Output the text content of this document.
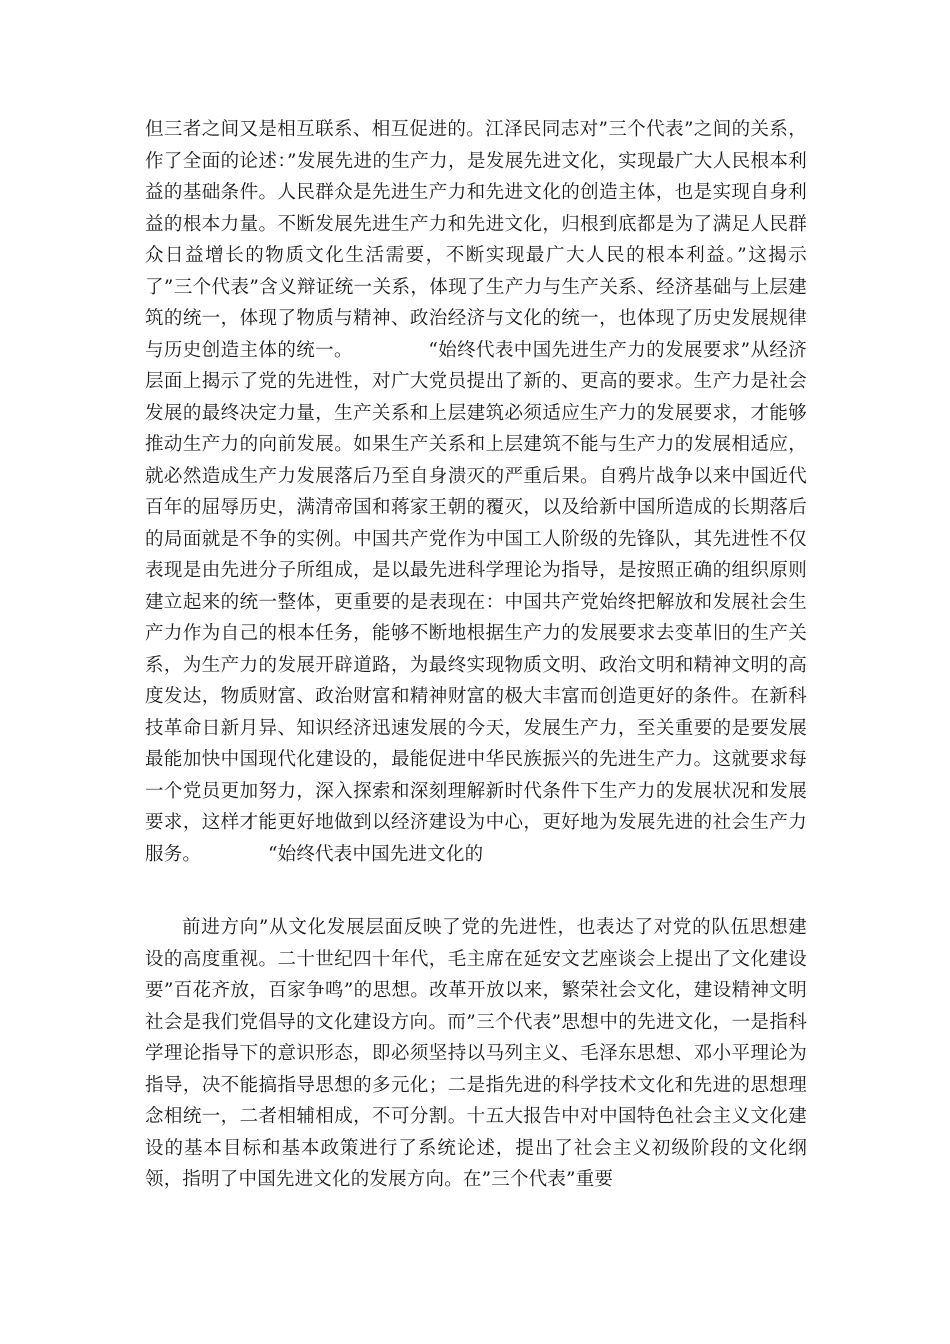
但三者之间又是相互联系、相互促进的。江泽民同志对”三个代表”之间的关系，作了全面的论述：”发展先进的生产力，是发展先进文化，实现最广大人民根本利益的基础条件。人民群众是先进生产力和先进文化的创造主体，也是实现自身利益的根本力量。不断发展先进生产力和先进文化，归根到底都是为了满足人民群众日益增长的物质文化生活需要，不断实现最广大人民的根本利益。”这揭示了”三个代表”含义辩证统一关系，体现了生产力与生产关系、经济基础与上层建筑的统一，体现了物质与精神、政治经济与文化的统一，也体现了历史发展规律与历史创造主体的统一。            “始终代表中国先进生产力的发展要求”从经济层面上揭示了党的先进性，对广大党员提出了新的、更高的要求。生产力是社会发展的最终决定力量，生产关系和上层建筑必须适应生产力的发展要求，才能够推动生产力的向前发展。如果生产关系和上层建筑不能与生产力的发展相适应，就必然造成生产力发展落后乃至自身溃灭的严重后果。自鸦片战争以来中国近代百年的屈辱历史，满清帝国和蒋家王朝的覆灭，以及给新中国所造成的长期落后的局面就是不争的实例。中国共产党作为中国工人阶级的先锋队，其先进性不仅表现是由先进分子所组成，是以最先进科学理论为指导，是按照正确的组织原则建立起来的统一整体，更重要的是表现在：中国共产党始终把解放和发展社会生产力作为自己的根本任务，能够不断地根据生产力的发展要求去变革旧的生产关系，为生产力的发展开辟道路，为最终实现物质文明、政治文明和精神文明的高度发达，物质财富、政治财富和精神财富的极大丰富而创造更好的条件。在新科技革命日新月异、知识经济迅速发展的今天，发展生产力，至关重要的是要发展最能加快中国现代化建设的，最能促进中华民族振兴的先进生产力。这就要求每一个党员更加努力，深入探索和深刻理解新时代条件下生产力的发展状况和发展要求，这样才能更好地做到以经济建设为中心，更好地为发展先进的社会生产力服务。           “始终代表中国先进文化的
前进方向”从文化发展层面反映了党的先进性，也表达了对党的队伍思想建设的高度重视。二十世纪四十年代，毛主席在延安文艺座谈会上提出了文化建设要”百花齐放，百家争鸣”的思想。改革开放以来，繁荣社会文化，建设精神文明社会是我们党倡导的文化建设方向。而”三个代表”思想中的先进文化，一是指科学理论指导下的意识形态，即必须坚持以马列主义、毛泽东思想、邓小平理论为指导，决不能搞指导思想的多元化；二是指先进的科学技术文化和先进的思想理念相统一，二者相辅相成，不可分割。十五大报告中对中国特色社会主义文化建设的基本目标和基本政策进行了系统论述，提出了社会主义初级阶段的文化纲领，指明了中国先进文化的发展方向。在”三个代表”重要
